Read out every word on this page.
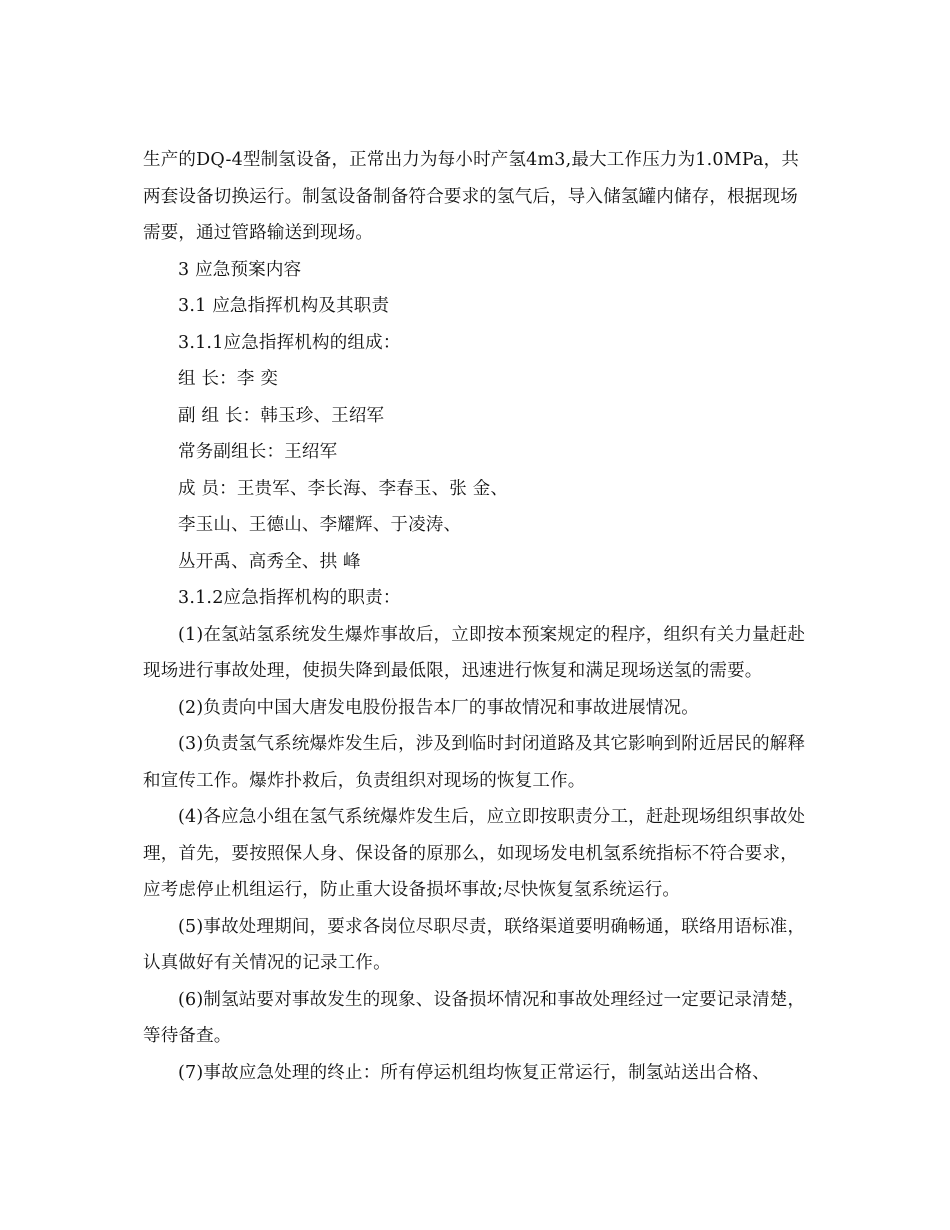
生产的DQ-4型制氢设备，正常出力为每小时产氢4m3,最大工作压力为1.0MPa，共两套设备切换运行。制氢设备制备符合要求的氢气后，导入储氢罐内储存，根据现场需要，通过管路输送到现场。

3 应急预案内容

3.1 应急指挥机构及其职责

3.1.1应急指挥机构的组成：

组 长：李 奕

副 组 长：韩玉珍、王绍军

常务副组长：王绍军

成 员：王贵军、李长海、李春玉、张 金、

李玉山、王德山、李耀辉、于凌涛、

丛开禹、高秀全、拱 峰

3.1.2应急指挥机构的职责：

(1)在氢站氢系统发生爆炸事故后，立即按本预案规定的程序，组织有关力量赶赴现场进行事故处理，使损失降到最低限，迅速进行恢复和满足现场送氢的需要。

(2)负责向中国大唐发电股份报告本厂的事故情况和事故进展情况。

(3)负责氢气系统爆炸发生后，涉及到临时封闭道路及其它影响到附近居民的解释和宣传工作。爆炸扑救后，负责组织对现场的恢复工作。

(4)各应急小组在氢气系统爆炸发生后，应立即按职责分工，赶赴现场组织事故处理，首先，要按照保人身、保设备的原那么，如现场发电机氢系统指标不符合要求，应考虑停止机组运行，防止重大设备损坏事故;尽快恢复氢系统运行。

(5)事故处理期间，要求各岗位尽职尽责，联络渠道要明确畅通，联络用语标准，认真做好有关情况的记录工作。

(6)制氢站要对事故发生的现象、设备损坏情况和事故处理经过一定要记录清楚，等待备查。

(7)事故应急处理的终止：所有停运机组均恢复正常运行，制氢站送出合格、
